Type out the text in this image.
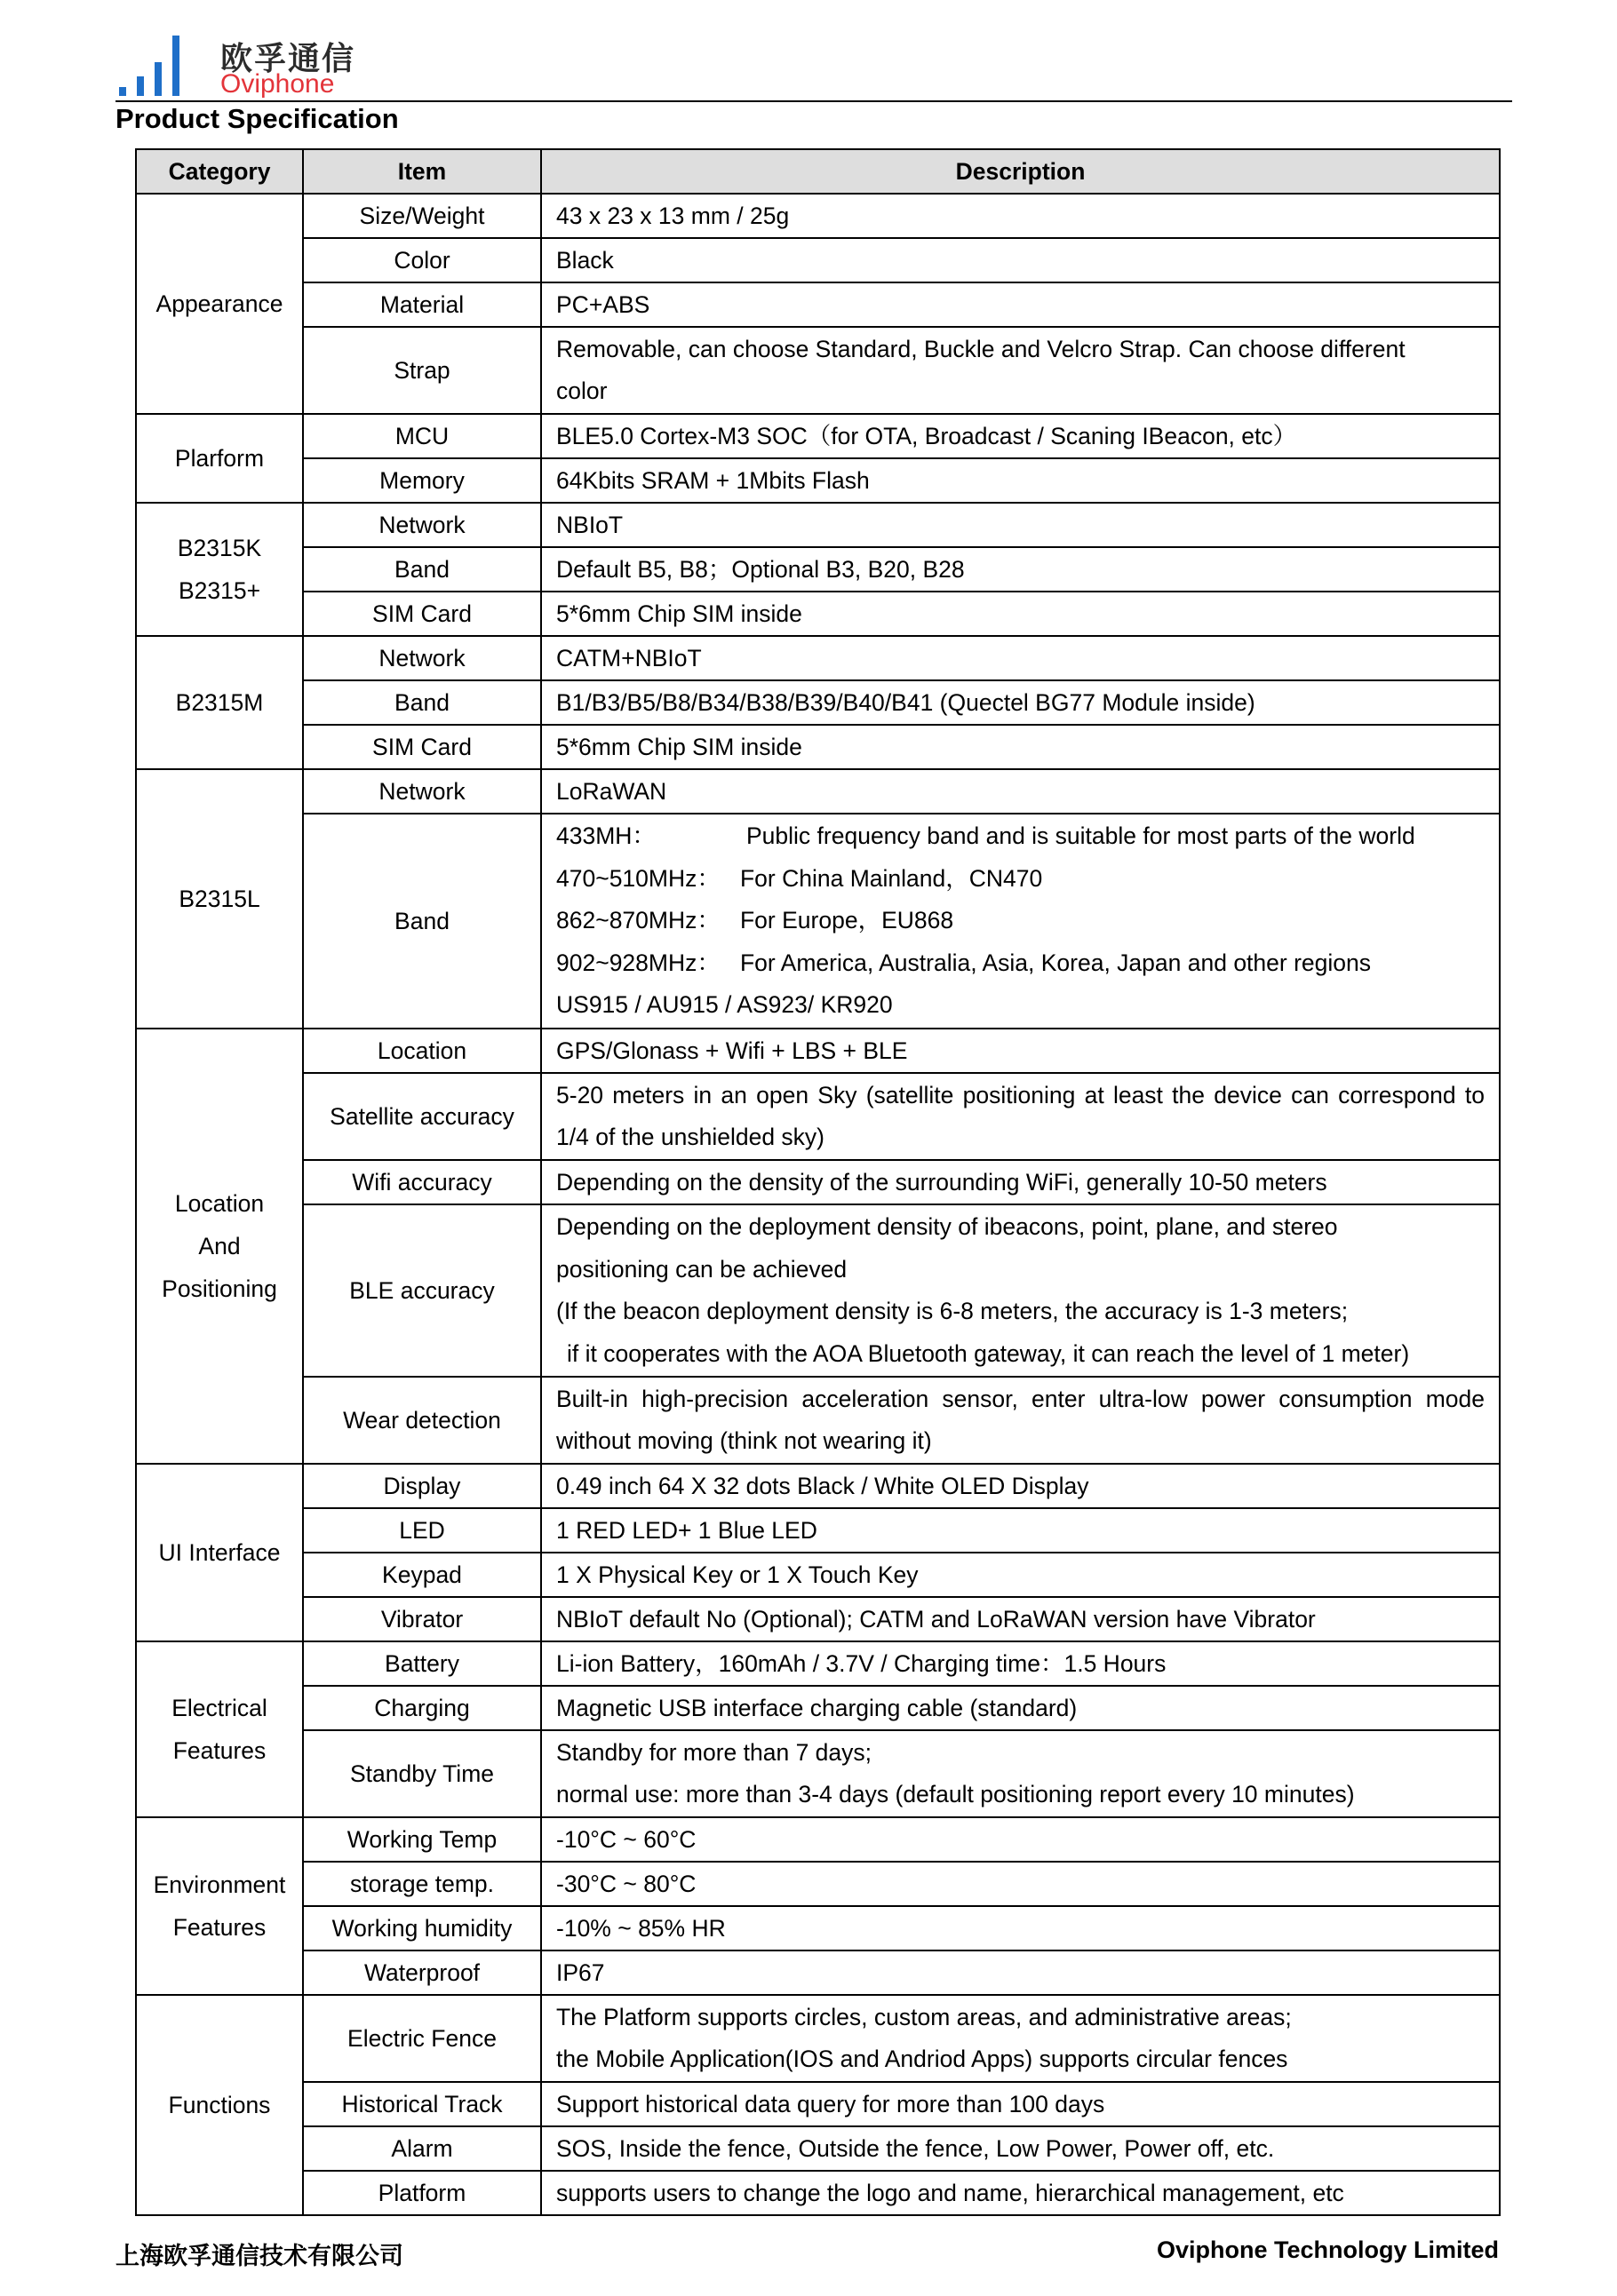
欧孚通信
Oviphone
Product Specification
Category	Item	Description

Appearance	Size/Weight	43 x 23 x 13 mm / 25g

	Color	Black

	Material	PC+ABS

	Strap	Removable, can choose Standard, Buckle and Velcro Strap. Can choose different
color

Plarform	MCU	BLE5.0 Cortex-M3 SOC（for OTA, Broadcast / Scaning IBeacon, etc）

	Memory	64Kbits SRAM + 1Mbits Flash

B2315K
B2315+	Network	NBIoT

	Band	Default B5, B8；Optional B3, B20, B28

	SIM Card	5*6mm Chip SIM inside

B2315M	Network	CATM+NBIoT

	Band	B1/B3/B5/B8/B34/B38/B39/B40/B41 (Quectel BG77 Module inside)

	SIM Card	5*6mm Chip SIM inside

B2315L	Network	LoRaWAN

	Band	433MH： Public frequency band and is suitable for most parts of the world
470~510MHz： For China Mainland，CN470
862~870MHz： For Europe，EU868
902~928MHz： For America, Australia, Asia, Korea, Japan and other regions
US915 / AU915 / AS923/ KR920

Location
And
Positioning	Location	GPS/Glonass + Wifi + LBS + BLE

	Satellite accuracy	5-20 meters in an open Sky (satellite positioning at least the device can correspond to
1/4 of the unshielded sky)

	Wifi accuracy	Depending on the density of the surrounding WiFi, generally 10-50 meters

	BLE accuracy	Depending on the deployment density of ibeacons, point, plane, and stereo
positioning can be achieved
(If the beacon deployment density is 6-8 meters, the accuracy is 1-3 meters;
if it cooperates with the AOA Bluetooth gateway, it can reach the level of 1 meter)

	Wear detection	Built-in high-precision acceleration sensor, enter ultra-low power consumption mode
without moving (think not wearing it)

UI Interface	Display	0.49 inch 64 X 32 dots Black / White OLED Display

	LED	1 RED LED+ 1 Blue LED

	Keypad	1 X Physical Key or 1 X Touch Key

	Vibrator	NBIoT default No (Optional); CATM and LoRaWAN version have Vibrator

Electrical
Features	Battery	Li-ion Battery，160mAh / 3.7V / Charging time：1.5 Hours

	Charging	Magnetic USB interface charging cable (standard)

	Standby Time	Standby for more than 7 days;
normal use: more than 3-4 days (default positioning report every 10 minutes)

Environment
Features	Working Temp	-10°C ~ 60°C

	storage temp.	-30°C ~ 80°C

	Working humidity	-10% ~ 85% HR

	Waterproof	IP67

Functions	Electric Fence	The Platform supports circles, custom areas, and administrative areas;
the Mobile Application(IOS and Andriod Apps) supports circular fences

	Historical Track	Support historical data query for more than 100 days

	Alarm	SOS, Inside the fence, Outside the fence, Low Power, Power off, etc.

	Platform	supports users to change the logo and name, hierarchical management, etc
上海欧孚通信技术有限公司	Oviphone Technology Limited
